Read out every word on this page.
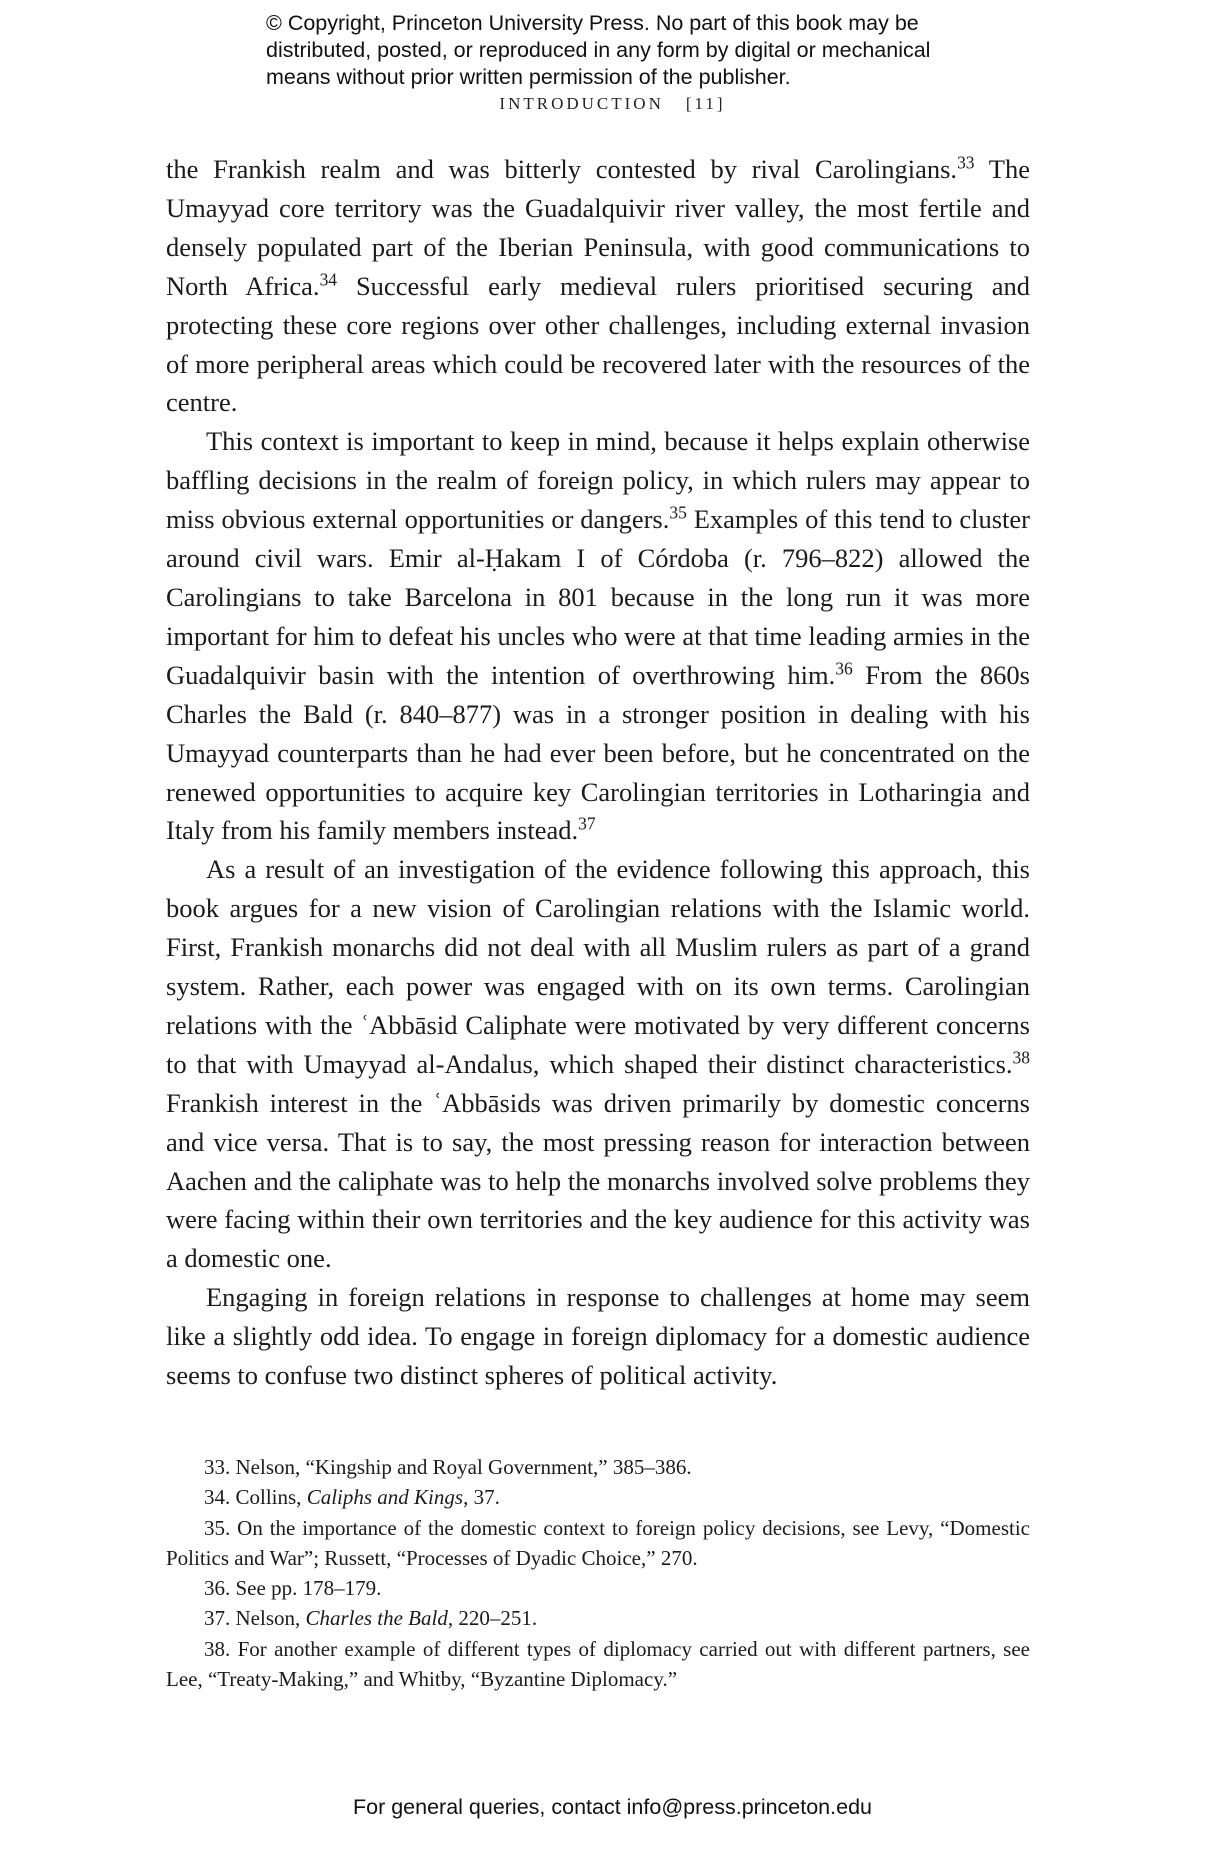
© Copyright, Princeton University Press. No part of this book may be
distributed, posted, or reproduced in any form by digital or mechanical
means without prior written permission of the publisher.
INTRODUCTION [11]

the Frankish realm and was bitterly contested by rival Carolingians.$^{33}$ The Umayyad core territory was the Guadalquivir river valley, the most fertile and densely populated part of the Iberian Peninsula, with good communications to North Africa.$^{34}$ Successful early medieval rulers prioritised securing and protecting these core regions over other challenges, including external invasion of more peripheral areas which could be recovered later with the resources of the centre.

This context is important to keep in mind, because it helps explain otherwise baffling decisions in the realm of foreign policy, in which rulers may appear to miss obvious external opportunities or dangers.$^{35}$ Examples of this tend to cluster around civil wars. Emir al-Ḥakam I of Córdoba (r. 796–822) allowed the Carolingians to take Barcelona in 801 because in the long run it was more important for him to defeat his uncles who were at that time leading armies in the Guadalquivir basin with the intention of overthrowing him.$^{36}$ From the 860s Charles the Bald (r. 840–877) was in a stronger position in dealing with his Umayyad counterparts than he had ever been before, but he concentrated on the renewed opportunities to acquire key Carolingian territories in Lotharingia and Italy from his family members instead.$^{37}$

As a result of an investigation of the evidence following this approach, this book argues for a new vision of Carolingian relations with the Islamic world. First, Frankish monarchs did not deal with all Muslim rulers as part of a grand system. Rather, each power was engaged with on its own terms. Carolingian relations with the ʿAbbāsid Caliphate were motivated by very different concerns to that with Umayyad al-Andalus, which shaped their distinct characteristics.$^{38}$ Frankish interest in the ʿAbbāsids was driven primarily by domestic concerns and vice versa. That is to say, the most pressing reason for interaction between Aachen and the caliphate was to help the monarchs involved solve problems they were facing within their own territories and the key audience for this activity was a domestic one.

Engaging in foreign relations in response to challenges at home may seem like a slightly odd idea. To engage in foreign diplomacy for a domestic audience seems to confuse two distinct spheres of political activity.

33. Nelson, “Kingship and Royal Government,” 385–386.

34. Collins, Caliphs and Kings, 37.

35. On the importance of the domestic context to foreign policy decisions, see Levy, “Domestic Politics and War”; Russett, “Processes of Dyadic Choice,” 270.

36. See pp. 178–179.

37. Nelson, Charles the Bald, 220–251.

38. For another example of different types of diplomacy carried out with different partners, see Lee, “Treaty-Making,” and Whitby, “Byzantine Diplomacy.”

For general queries, contact info@press.princeton.edu
